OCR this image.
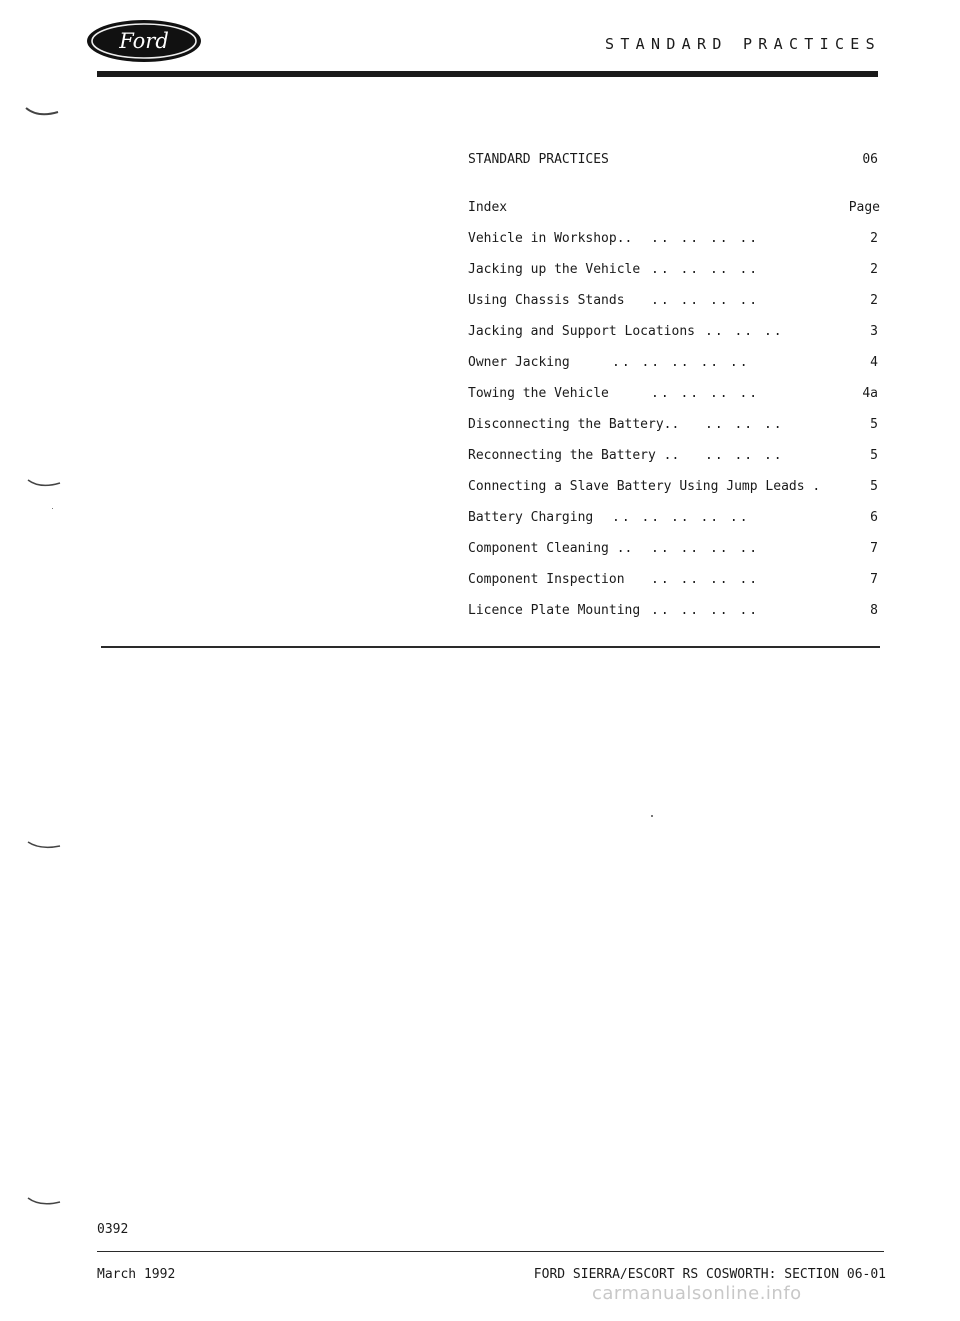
Ford	STANDARD PRACTICES
STANDARD PRACTICES	06
Index	Page
Vehicle in Workshop.. .. .. .. ..	2
Jacking up the Vehicle .. .. .. ..	2
Using Chassis Stands .. .. .. ..	2
Jacking and Support Locations .. .. ..	3
Owner Jacking	.. .. .. .. ..	4
Towing the Vehicle	.. .. .. ..	4a
Disconnecting the Battery.. .. .. ..	5
Reconnecting the Battery .. .. .. ..	5
Connecting a Slave Battery Using Jump Leads .	5
Battery Charging .. .. .. .. ..	6
Component Cleaning .. .. .. .. ..	7
Component Inspection .. .. .. ..	7
Licence Plate Mounting .. .. .. ..	8
0392
March 1992	FORD SIERRA/ESCORT RS COSWORTH: SECTION 06-01
carmanualsonline.info
